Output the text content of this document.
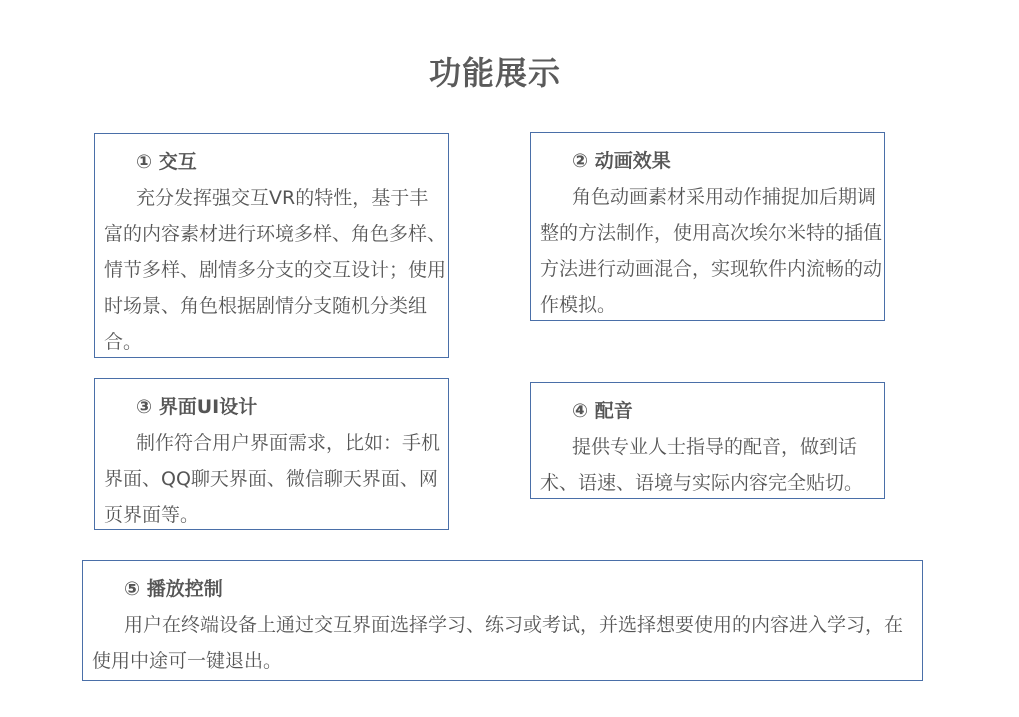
功能展示
① 交互
充分发挥强交互VR的特性，基于丰富的内容素材进行环境多样、角色多样、情节多样、剧情多分支的交互设计；使用时场景、角色根据剧情分支随机分类组合。
② 动画效果
角色动画素材采用动作捕捉加后期调整的方法制作，使用高次埃尔米特的插值方法进行动画混合，实现软件内流畅的动作模拟。
③ 界面UI设计
制作符合用户界面需求，比如：手机界面、QQ聊天界面、微信聊天界面、网页界面等。
④ 配音
提供专业人士指导的配音，做到话术、语速、语境与实际内容完全贴切。
⑤ 播放控制
用户在终端设备上通过交互界面选择学习、练习或考试，并选择想要使用的内容进入学习，在使用中途可一键退出。
